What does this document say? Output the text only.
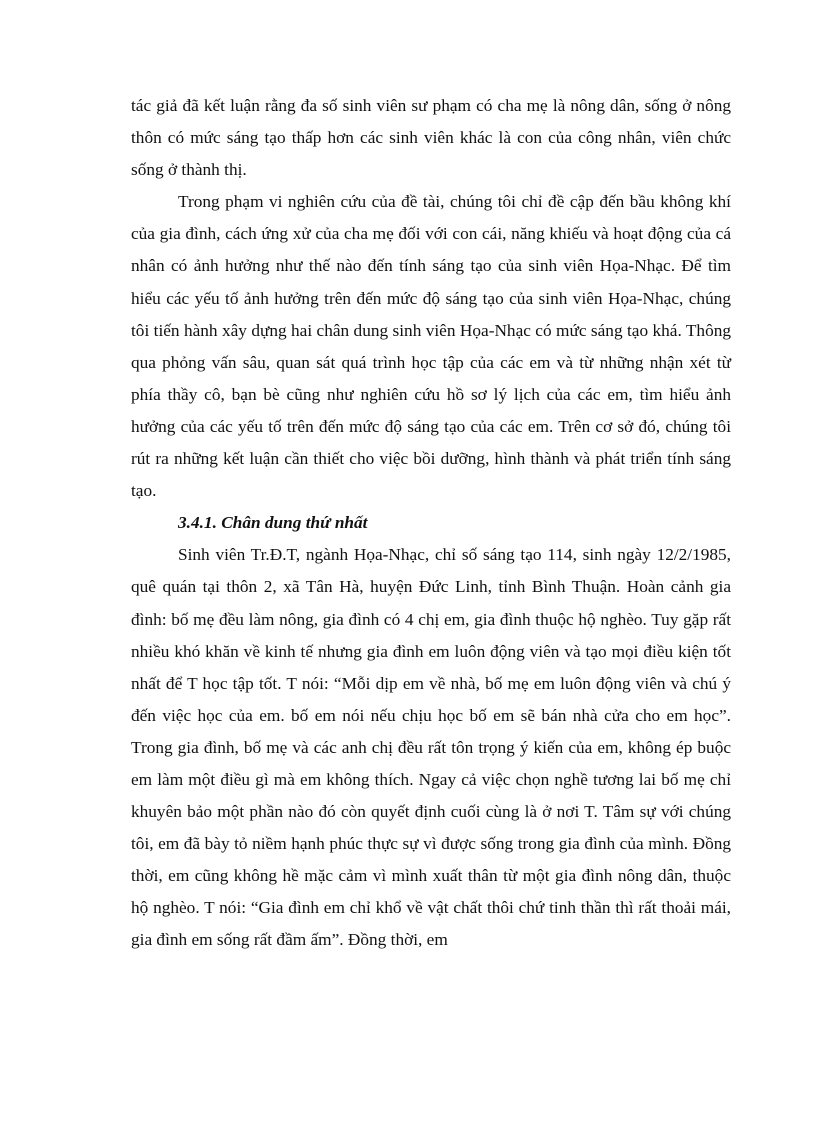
tác giả đã kết luận rằng đa số sinh viên sư phạm có cha mẹ là nông dân, sống ở nông thôn có mức sáng tạo thấp hơn các sinh viên khác là con của công nhân, viên chức sống ở thành thị.

Trong phạm vi nghiên cứu của đề tài, chúng tôi chỉ đề cập đến bầu không khí của gia đình, cách ứng xử của cha mẹ đối với con cái, năng khiếu và hoạt động của cá nhân có ảnh hưởng như thế nào đến tính sáng tạo của sinh viên Họa-Nhạc. Để tìm hiểu các yếu tố ảnh hưởng trên đến mức độ sáng tạo của sinh viên Họa-Nhạc, chúng tôi tiến hành xây dựng hai chân dung sinh viên Họa-Nhạc có mức sáng tạo khá. Thông qua phỏng vấn sâu, quan sát quá trình học tập của các em và từ những nhận xét từ phía thầy cô, bạn bè cũng như nghiên cứu hồ sơ lý lịch của các em, tìm hiểu ảnh hưởng của các yếu tố trên đến mức độ sáng tạo của các em. Trên cơ sở đó, chúng tôi rút ra những kết luận cần thiết cho việc bồi dưỡng, hình thành và phát triển tính sáng tạo.

3.4.1. Chân dung thứ nhất

Sinh viên Tr.Đ.T, ngành Họa-Nhạc, chỉ số sáng tạo 114, sinh ngày 12/2/1985, quê quán tại thôn 2, xã Tân Hà, huyện Đức Linh, tỉnh Bình Thuận. Hoàn cảnh gia đình: bố mẹ đều làm nông, gia đình có 4 chị em, gia đình thuộc hộ nghèo. Tuy gặp rất nhiều khó khăn về kinh tế nhưng gia đình em luôn động viên và tạo mọi điều kiện tốt nhất để T học tập tốt. T nói: “Mỗi dịp em về nhà, bố mẹ em luôn động viên và chú ý đến việc học của em. bố em nói nếu chịu học bố em sẽ bán nhà cửa cho em học”. Trong gia đình, bố mẹ và các anh chị đều rất tôn trọng ý kiến của em, không ép buộc em làm một điều gì mà em không thích. Ngay cả việc chọn nghề tương lai bố mẹ chỉ khuyên bảo một phần nào đó còn quyết định cuối cùng là ở nơi T. Tâm sự với chúng tôi, em đã bày tỏ niềm hạnh phúc thực sự vì được sống trong gia đình của mình. Đồng thời, em cũng không hề mặc cảm vì mình xuất thân từ một gia đình nông dân, thuộc hộ nghèo. T nói: “Gia đình em chỉ khổ về vật chất thôi chứ tinh thần thì rất thoải mái, gia đình em sống rất đầm ấm”. Đồng thời, em
